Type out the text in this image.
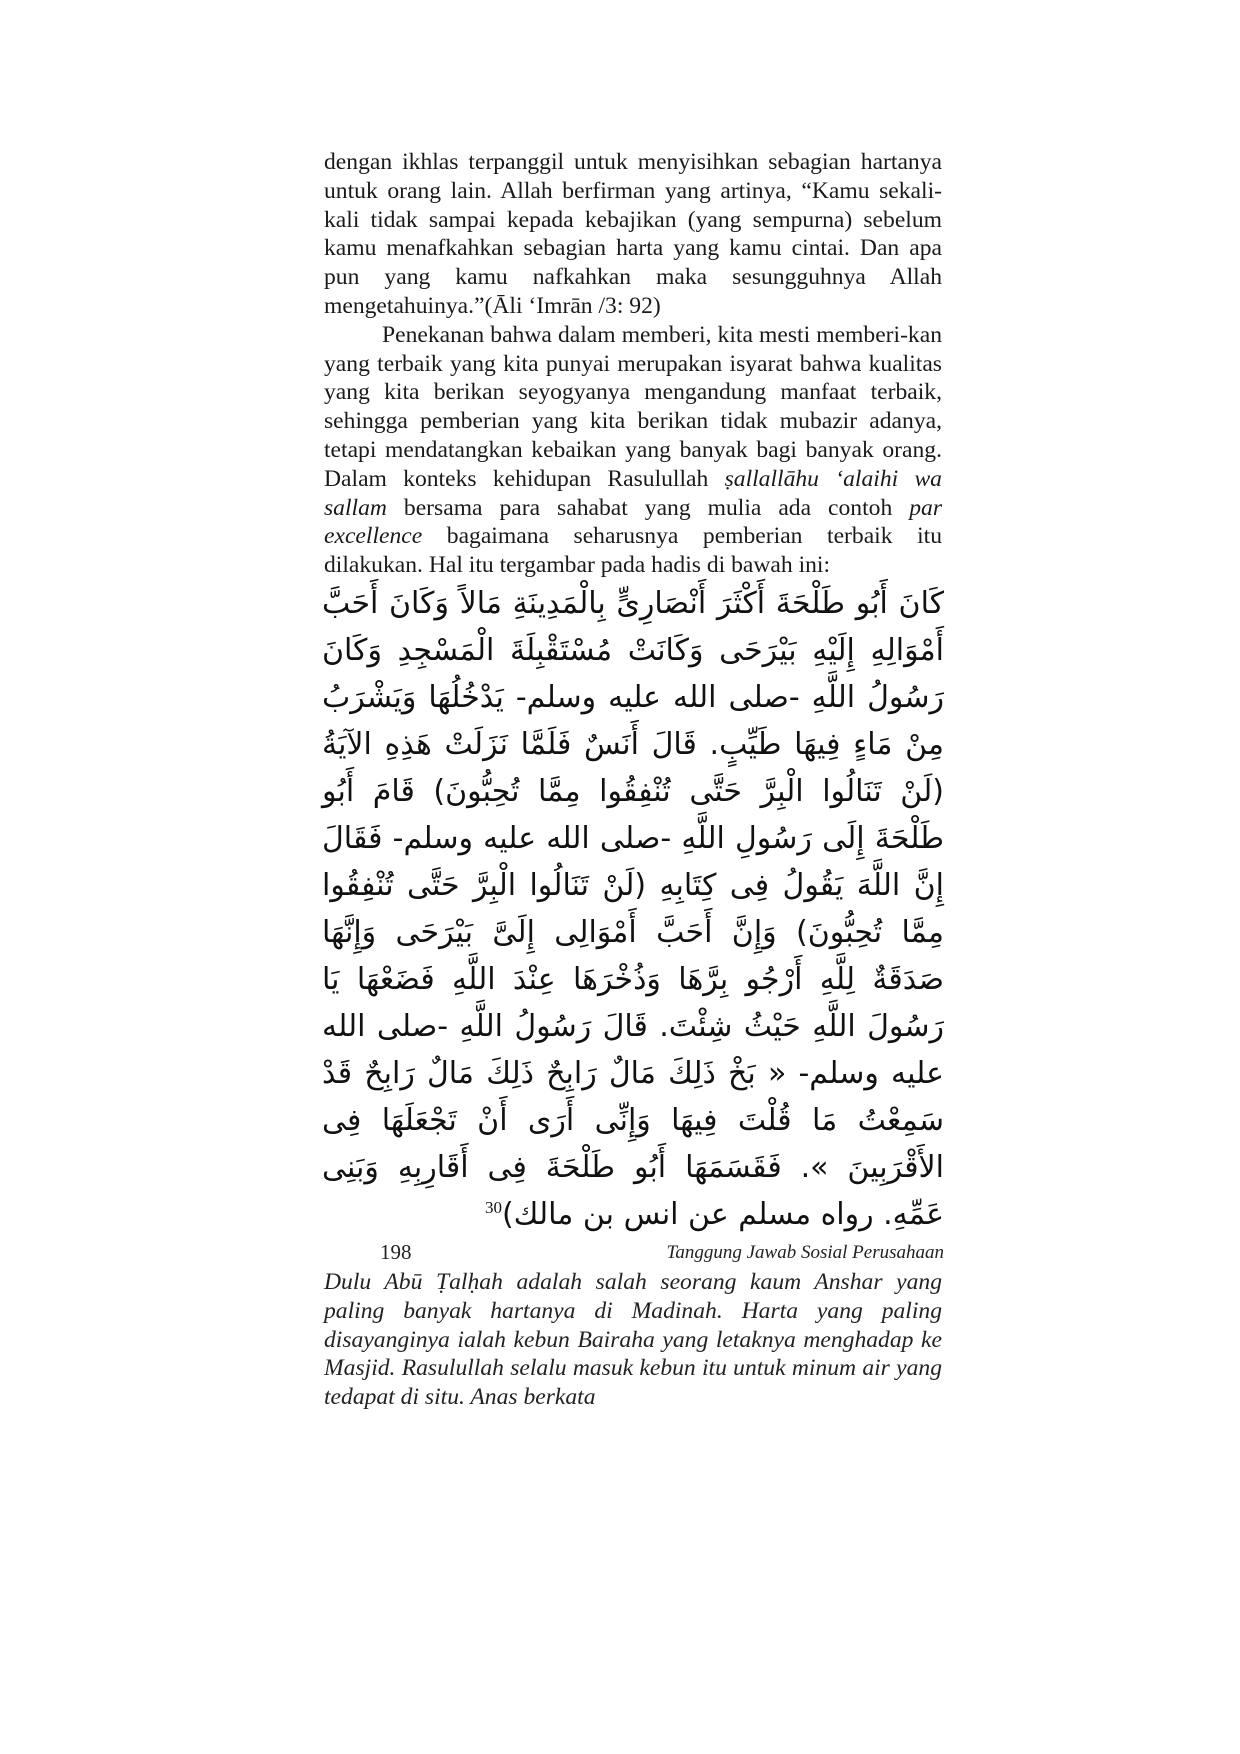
dengan ikhlas terpanggil untuk menyisihkan sebagian hartanya untuk orang lain. Allah berfirman yang artinya, “Kamu sekali-kali tidak sampai kepada kebajikan (yang sempurna) sebelum kamu menafkahkan sebagian harta yang kamu cintai. Dan apa pun yang kamu nafkahkan maka sesungguhnya Allah mengetahuinya.”(Āli ‘Imrān /3: 92)

Penekanan bahwa dalam memberi, kita mesti memberi-kan yang terbaik yang kita punyai merupakan isyarat bahwa kualitas yang kita berikan seyogyanya mengandung manfaat terbaik, sehingga pemberian yang kita berikan tidak mubazir adanya, tetapi mendatangkan kebaikan yang banyak bagi banyak orang. Dalam konteks kehidupan Rasulullah ṣallallāhu ‘alaihi wa sallam bersama para sahabat yang mulia ada contoh par excellence bagaimana seharusnya pemberian terbaik itu dilakukan. Hal itu tergambar pada hadis di bawah ini:

كَانَ أَبُو طَلْحَةَ أَكْثَرَ أَنْصَارِىٍّ بِالْمَدِينَةِ مَالاً وَكَانَ أَحَبَّ أَمْوَالِهِ إِلَيْهِ بَيْرَحَى وَكَانَتْ مُسْتَقْبِلَةَ الْمَسْجِدِ وَكَانَ رَسُولُ اللَّهِ -صلى الله عليه وسلم- يَدْخُلُهَا وَيَشْرَبُ مِنْ مَاءٍ فِيهَا طَيِّبٍ. قَالَ أَنَسٌ فَلَمَّا نَزَلَتْ هَذِهِ الآيَةُ (لَنْ تَنَالُوا الْبِرَّ حَتَّى تُنْفِقُوا مِمَّا تُحِبُّونَ) قَامَ أَبُو طَلْحَةَ إِلَى رَسُولِ اللَّهِ -صلى الله عليه وسلم- فَقَالَ إِنَّ اللَّهَ يَقُولُ فِى كِتَابِهِ (لَنْ تَنَالُوا الْبِرَّ حَتَّى تُنْفِقُوا مِمَّا تُحِبُّونَ) وَإِنَّ أَحَبَّ أَمْوَالِى إِلَىَّ بَيْرَحَى وَإِنَّهَا صَدَقَةٌ لِلَّهِ أَرْجُو بِرَّهَا وَذُخْرَهَا عِنْدَ اللَّهِ فَضَعْهَا يَا رَسُولَ اللَّهِ حَيْثُ شِئْتَ. قَالَ رَسُولُ اللَّهِ -صلى الله عليه وسلم- « بَخْ ذَلِكَ مَالٌ رَابِحٌ ذَلِكَ مَالٌ رَابِحٌ قَدْ سَمِعْتُ مَا قُلْتَ فِيهَا وَإِنِّى أَرَى أَنْ تَجْعَلَهَا فِى الأَقْرَبِينَ ». فَقَسَمَهَا أَبُو طَلْحَةَ فِى أَقَارِبِهِ وَبَنِى عَمِّهِ. رواه مسلم عن انس بن مالك)$^{30}$

Dulu Abū Ṭalḥah adalah salah seorang kaum Anshar yang paling banyak hartanya di Madinah. Harta yang paling disayanginya ialah kebun Bairaha yang letaknya menghadap ke Masjid. Rasulullah selalu masuk kebun itu untuk minum air yang tedapat di situ. Anas berkata

198	Tanggung Jawab Sosial Perusahaan
